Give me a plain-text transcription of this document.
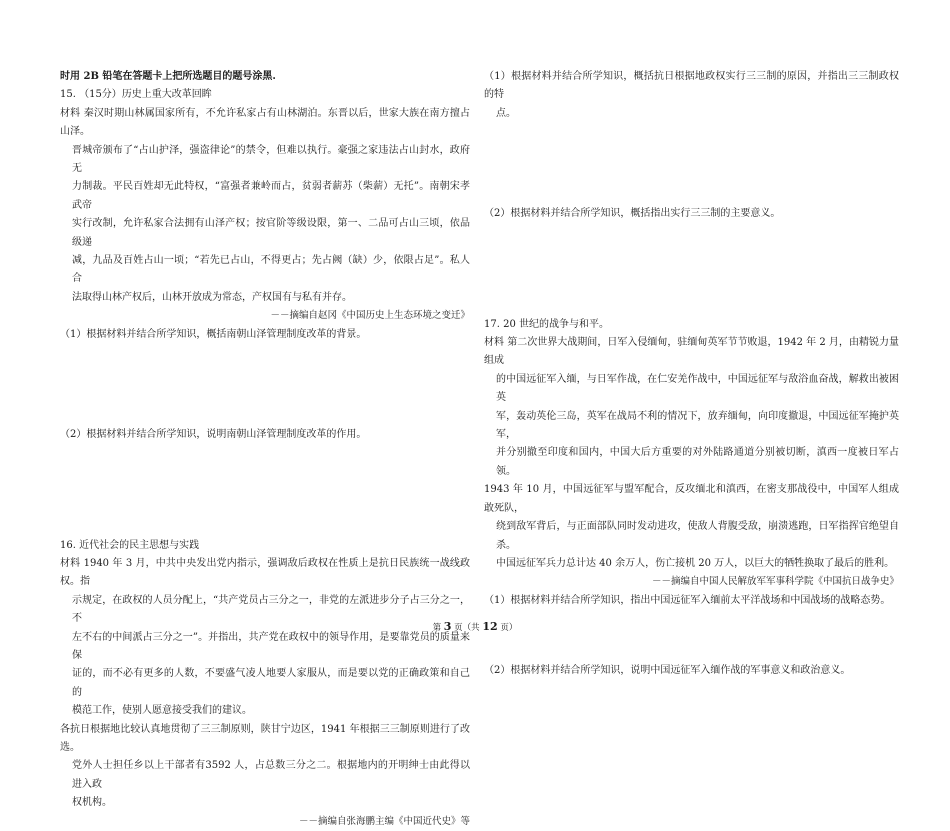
时用 2B 铅笔在答题卡上把所选题目的题号涂黑.

15. （15分）历史上重大改革回眸

材料 秦汉时期山林属国家所有，不允许私家占有山林湖泊。东晋以后，世家大族在南方擅占山泽。

晋城帝颁布了“占山护泽，强盗律论”的禁令，但难以执行。豪强之家违法占山封水，政府无

力制裁。平民百姓却无此特权，“富强者兼岭而占，贫弱者薪苏（柴薪）无托”。南朝宋孝武帝

实行改制，允许私家合法拥有山泽产权；按官阶等级设限，第一、二品可占山三顷，依品级递

减，九品及百姓占山一顷；“若先已占山，不得更占；先占阙（缺）少，依限占足”。私人合

法取得山林产权后，山林开放成为常态，产权国有与私有并存。

－－摘编自赵冈《中国历史上生态环境之变迁》

（1）根据材料并结合所学知识，概括南朝山泽管理制度改革的背景。

（2）根据材料并结合所学知识，说明南朝山泽管理制度改革的作用。

16. 近代社会的民主思想与实践

材料 1940 年 3 月，中共中央发出党内指示，强调敌后政权在性质上是抗日民族统一战线政权。指

示规定，在政权的人员分配上，“共产党员占三分之一，非党的左派进步分子占三分之一，不

左不右的中间派占三分之一”。并指出，共产党在政权中的领导作用，是要靠党员的质量来保

证的，而不必有更多的人数，不要盛气凌人地要人家服从，而是要以党的正确政策和自己的

模范工作，使别人愿意接受我们的建议。

各抗日根据地比较认真地贯彻了三三制原则，陕甘宁边区，1941 年根据三三制原则进行了改选。

党外人士担任乡以上干部者有3592 人，占总数三分之二。根据地内的开明绅士由此得以进入政

权机构。

－－摘编自张海鹏主编《中国近代史》等

（1）根据材料并结合所学知识，概括抗日根据地政权实行三三制的原因，并指出三三制政权的特

点。

（2）根据材料并结合所学知识，概括指出实行三三制的主要意义。

17. 20 世纪的战争与和平。

材料 第二次世界大战期间，日军入侵缅甸，驻缅甸英军节节败退，1942 年 2 月，由精锐力量组成

的中国远征军入缅，与日军作战，在仁安羌作战中，中国远征军与敌浴血奋战，解救出被困英

军，轰动英伦三岛，英军在战局不利的情况下，放弃缅甸，向印度撤退，中国远征军掩护英军，

并分别撤至印度和国内，中国大后方重要的对外陆路通道分别被切断，滇西一度被日军占领。

1943 年 10 月，中国远征军与盟军配合，反攻缅北和滇西，在密支那战役中，中国军人组成敢死队，

绕到敌军背后，与正面部队同时发动进攻，使敌人背腹受敌，崩溃逃跑，日军指挥官绝望自杀。

中国远征军兵力总计达 40 余万人，伤亡接机 20 万人，以巨大的牺牲换取了最后的胜利。

－－摘编自中国人民解放军军事科学院《中国抗日战争史》

（1）根据材料并结合所学知识，指出中国远征军入缅前太平洋战场和中国战场的战略态势。

（2）根据材料并结合所学知识，说明中国远征军入缅作战的军事意义和政治意义。

第 3 页（共 12 页）
